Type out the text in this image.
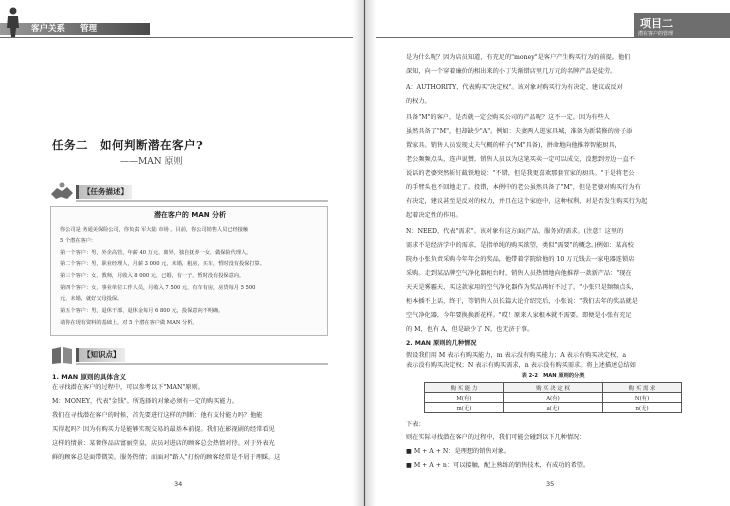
客户关系 管理
任务二　如何判断潜在客户?
——MAN 原则
【任务描述】
潜在客户的 MAN 分析
你公司是 务通美保险公司，你负责 军大陆 市场 。目前，你公司销售人员已经接触
5 个潜在客户：
第一个客户：男，外企高管，年薪 40 万元，离异，独自抚养一女，做保险代理人。
第二个客户：男，职业经理人，月薪 3 000 元，未婚，租房，买车，暂时没有投保打算。
第三个客户：女，教师，月收入 8 000 元，已婚，有一子，暂时没有投保意向。
第四个客户：女，事业单位工作人员，月收入 7 500 元，有车有房，房贷每月 5 500
元，未婚，就好父母投保。
第五个客户：男，退休干部，退休金每月 6 800 元，投保意向不明确。
请你在现有资料的基础上，对 5 个潜在客户做 MAN 分析。
【知识点】
1. MAN 原则的具体含义
在寻找潜在客户的过程中，可以参考以下"MAN"原则。
M：MONEY，代表"金钱"。所选择的对象必须有一定的购买能力。
我们在寻找潜在客户的时候，首先要进行这样的判断：他有支付能力吗？他能
买得起吗？因为有购买力是能够实现交易的最基本前提。我们在影视剧的经常看见
这样的情景：某奢侈品店富丽堂皇，店员对进店的顾客总会热情对待。对于外表光
鲜的顾客总是面带微笑、服务热情；而面对"路人"打扮的顾客经常是不屑于理睬。这
34
项目二
潜在客户的管理
是为什么呢？因为店员知道，有充足的"money"是客户产生购买行为的前提。他们
深知，向一个穿着廉价的相出来的小丁失渐错店里几万元的名牌产品是徒劳。
A：AUTHORITY，代表购买"决定权"。该对象对购买行为有决定、建议或反对
的权力。
具备"M"的客户，是否就一定会购买公司的产品呢？这不一定。因为有些人
虽然具备了"M"，但却缺少"A"。例如：夫妻两人逛家具城，准备为新装修的房子添
置家具。销售人员发现丈夫气概的样子("M"具备)，拼命地向他推荐智能厨具，
老公频频点头，连声说赞。销售人员以为这笔买卖一定可以成交，没想到旁边一直不
说话的老婆突然斩钉截铁地说："不错，但是我更喜欢那套宜家的厨具。"于是将老公
的手臂头也不回地走了。投错，本例中的老公虽然具备了"M"，但是老婆对购买行为有
有决定，建议甚至是反对的权力，并且在这个家庭中，这种权利，对是否发生购买行为起
起着决定性的作用。
N：NEED，代表"需求"。该对象有这方面(产品、服务)的需求。(注意！这里的
需求不是经济学中的需求，是指单纯的购买欲望，类似"需要"的概念。)例如：某高校
院办小张负责采购今年年会的奖品，他带着学院给他的 10 万元钱去一家电器连锁店
采购。走到某品牌空气净化器柜台时，销售人员热情地向他推荐一款新产品："现在
天天是雾霾天，买这款家用的空气净化器作为奖品再好不过了。"小张只是频频点头，
柜本插不上话，终于，等销售人员长篇大论介绍完后，小张说："我们去年的奖品就是
空气净化器，今年要换换新花样。"哎！原来人家根本就不需要。即便是小张有充足
的 M，也有 A，但是缺少了 N，也无济于事。
2. MAN 原则的几种情况
假设我们用 M 表示有购买能力，m 表示没有购买能力；A 表示有购买决定权，a
表示没有购买决定权；N 表示有购买需求，n 表示没有购买需求。将上述描述总结如
表 2-2　MAN 原则的分类
购 买 能 力	购 买 决 定 权	购 买 需 求
M(有)	A(有)	N(有)
m(无)	a(无)	n(无)
下表：
则在实际寻找潜在客户的过程中，我们可能会碰到以下几种情况：
■ M + A + N：是理想的销售对象。
■ M + A + n：可以接触，配上熟练的销售技术，有成功的希望。
35
